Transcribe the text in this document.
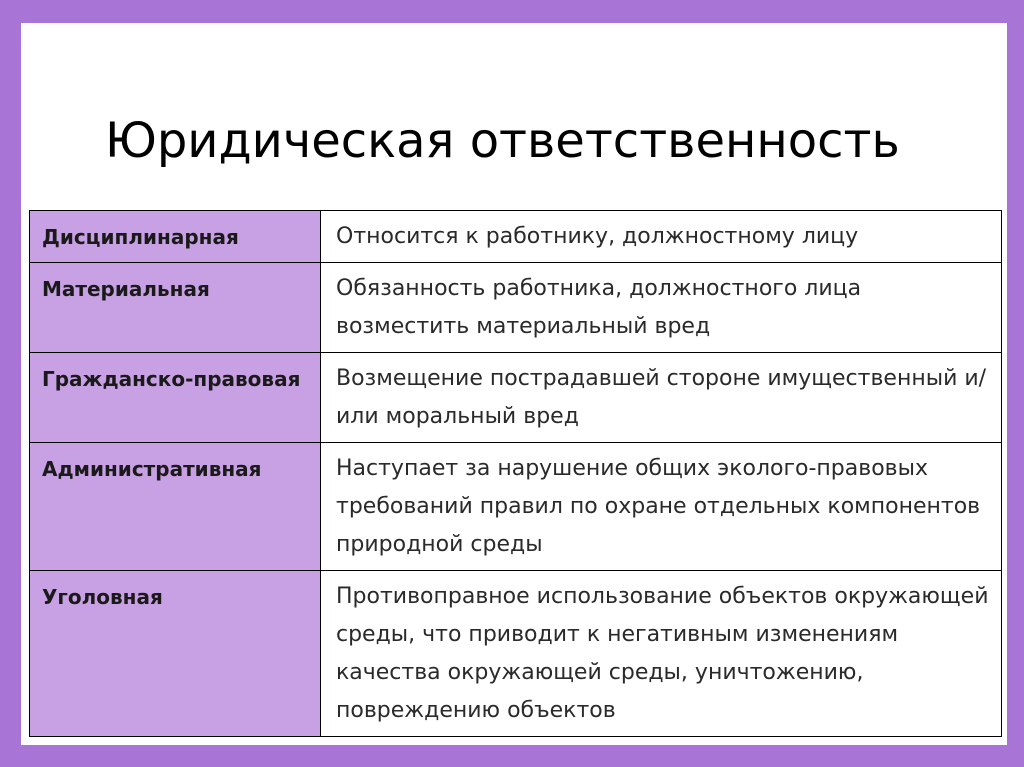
Юридическая ответственность
Дисциплинарная	Относится к работнику, должностному лицу
Материальная	Обязанность работника, должностного лица возместить материальный вред
Гражданско-правовая	Возмещение пострадавшей стороне имущественный и/или моральный вред
Административная	Наступает за нарушение общих эколого-правовых требований правил по охране отдельных компонентов природной среды
Уголовная	Противоправное использование объектов окружающей среды, что приводит к негативным изменениям качества окружающей среды, уничтожению, повреждению объектов
